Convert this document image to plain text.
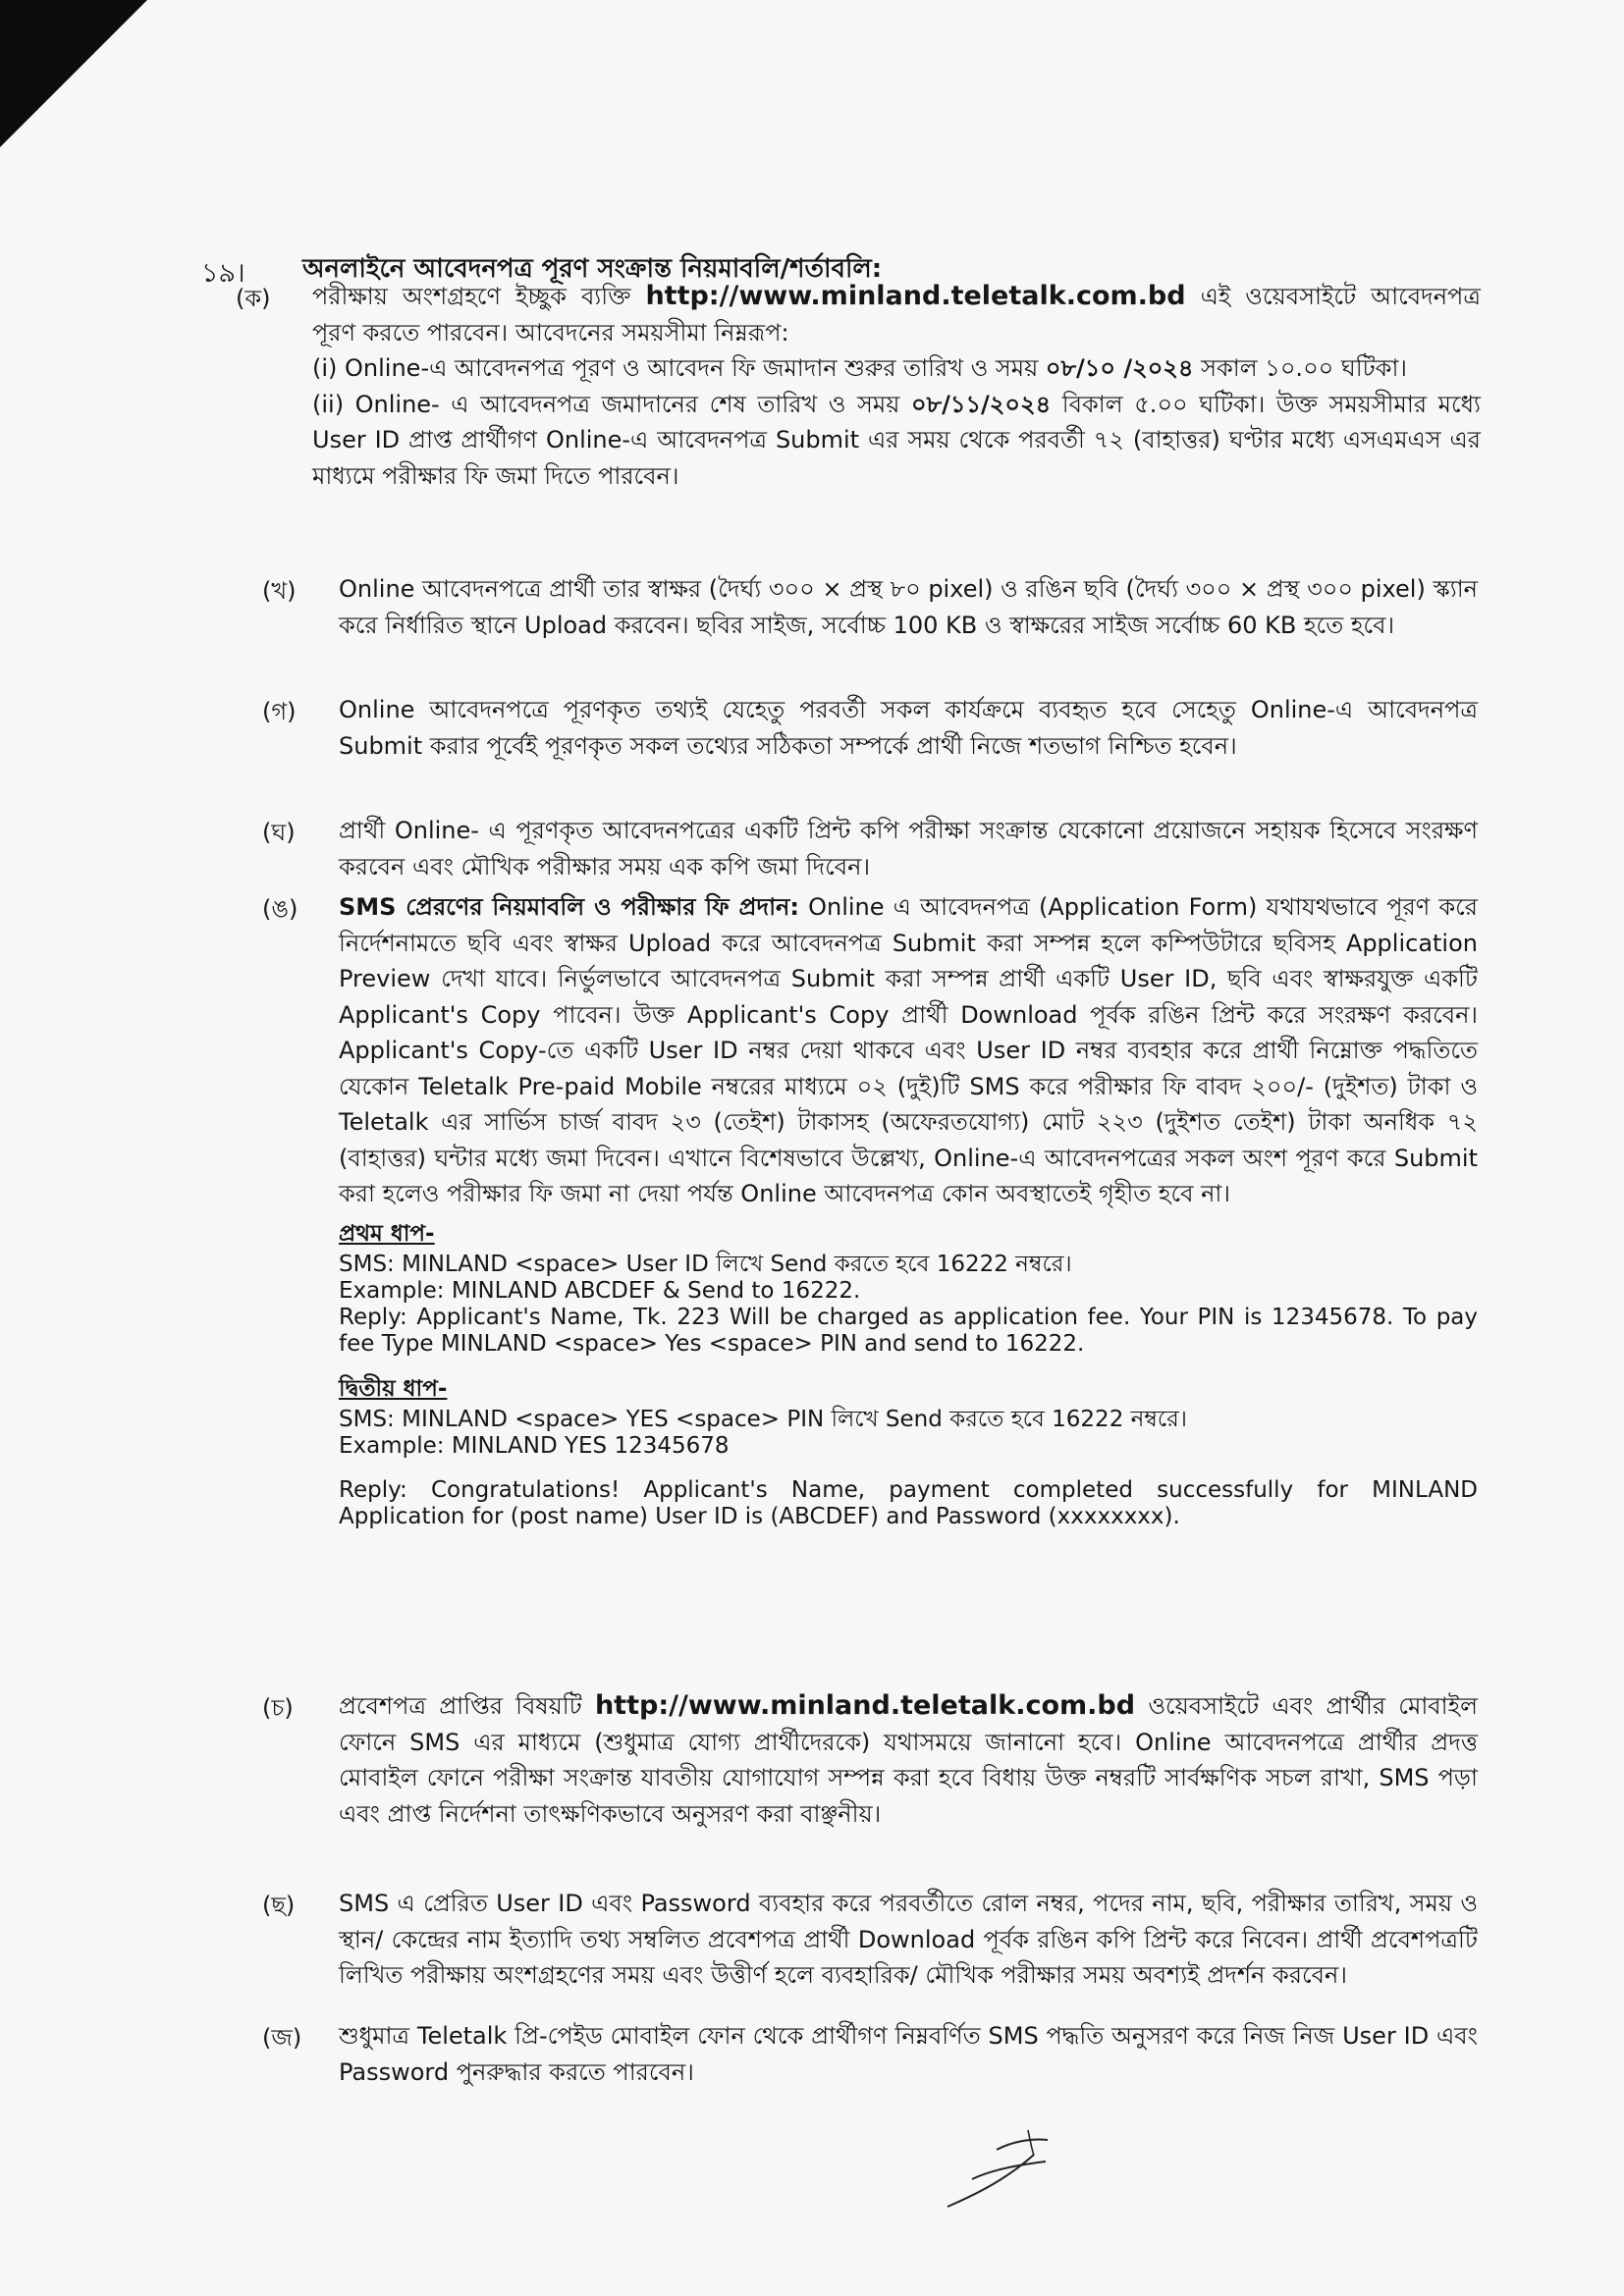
১৯। অনলাইনে আবেদনপত্র পূরণ সংক্রান্ত নিয়মাবলি/শর্তাবলি:
(ক) পরীক্ষায় অংশগ্রহণে ইচ্ছুক ব্যক্তি http://www.minland.teletalk.com.bd এই ওয়েবসাইটে আবেদনপত্র পূরণ করতে পারবেন। আবেদনের সময়সীমা নিম্নরূপ:

(i) Online-এ আবেদনপত্র পূরণ ও আবেদন ফি জমাদান শুরুর তারিখ ও সময় ০৮/১০ /২০২৪ সকাল ১০.০০ ঘটিকা।

(ii) Online- এ আবেদনপত্র জমাদানের শেষ তারিখ ও সময় ০৮/১১/২০২৪ বিকাল ৫.০০ ঘটিকা। উক্ত সময়সীমার মধ্যে User ID প্রাপ্ত প্রার্থীগণ Online-এ আবেদনপত্র Submit এর সময় থেকে পরবর্তী ৭২ (বাহাত্তর) ঘণ্টার মধ্যে এসএমএস এর মাধ্যমে পরীক্ষার ফি জমা দিতে পারবেন।

(খ) Online আবেদনপত্রে প্রার্থী তার স্বাক্ষর (দৈর্ঘ্য ৩০০ × প্রস্থ ৮০ pixel) ও রঙিন ছবি (দৈর্ঘ্য ৩০০ × প্রস্থ ৩০০ pixel) স্ক্যান করে নির্ধারিত স্থানে Upload করবেন। ছবির সাইজ, সর্বোচ্চ 100 KB ও স্বাক্ষরের সাইজ সর্বোচ্চ 60 KB হতে হবে।

(গ) Online আবেদনপত্রে পূরণকৃত তথ্যই যেহেতু পরবর্তী সকল কার্যক্রমে ব্যবহৃত হবে সেহেতু Online-এ আবেদনপত্র Submit করার পূর্বেই পূরণকৃত সকল তথ্যের সঠিকতা সম্পর্কে প্রার্থী নিজে শতভাগ নিশ্চিত হবেন।

(ঘ) প্রার্থী Online- এ পূরণকৃত আবেদনপত্রের একটি প্রিন্ট কপি পরীক্ষা সংক্রান্ত যেকোনো প্রয়োজনে সহায়ক হিসেবে সংরক্ষণ করবেন এবং মৌখিক পরীক্ষার সময় এক কপি জমা দিবেন।

(ঙ) SMS প্রেরণের নিয়মাবলি ও পরীক্ষার ফি প্রদান: Online এ আবেদনপত্র (Application Form) যথাযথভাবে পূরণ করে নির্দেশনামতে ছবি এবং স্বাক্ষর Upload করে আবেদনপত্র Submit করা সম্পন্ন হলে কম্পিউটারে ছবিসহ Application Preview দেখা যাবে। নির্ভুলভাবে আবেদনপত্র Submit করা সম্পন্ন প্রার্থী একটি User ID, ছবি এবং স্বাক্ষরযুক্ত একটি Applicant's Copy পাবেন। উক্ত Applicant's Copy প্রার্থী Download পূর্বক রঙিন প্রিন্ট করে সংরক্ষণ করবেন। Applicant's Copy-তে একটি User ID নম্বর দেয়া থাকবে এবং User ID নম্বর ব্যবহার করে প্রার্থী নিম্নোক্ত পদ্ধতিতে যেকোন Teletalk Pre-paid Mobile নম্বরের মাধ্যমে ০২ (দুই)টি SMS করে পরীক্ষার ফি বাবদ ২০০/- (দুইশত) টাকা ও Teletalk এর সার্ভিস চার্জ বাবদ ২৩ (তেইশ) টাকাসহ (অফেরতযোগ্য) মোট ২২৩ (দুইশত তেইশ) টাকা অনধিক ৭২ (বাহাত্তর) ঘন্টার মধ্যে জমা দিবেন। এখানে বিশেষভাবে উল্লেখ্য, Online-এ আবেদনপত্রের সকল অংশ পূরণ করে Submit করা হলেও পরীক্ষার ফি জমা না দেয়া পর্যন্ত Online আবেদনপত্র কোন অবস্থাতেই গৃহীত হবে না।

প্রথম ধাপ-

SMS: MINLAND <space> User ID লিখে Send করতে হবে 16222 নম্বরে।

Example: MINLAND ABCDEF & Send to 16222.

Reply: Applicant's Name, Tk. 223 Will be charged as application fee. Your PIN is 12345678. To pay fee Type MINLAND <space> Yes <space> PIN and send to 16222.

দ্বিতীয় ধাপ-

SMS: MINLAND <space> YES <space> PIN লিখে Send করতে হবে 16222 নম্বরে।

Example: MINLAND YES 12345678

Reply: Congratulations! Applicant's Name, payment completed successfully for MINLAND Application for (post name) User ID is (ABCDEF) and Password (xxxxxxxx).

(চ) প্রবেশপত্র প্রাপ্তির বিষয়টি http://www.minland.teletalk.com.bd ওয়েবসাইটে এবং প্রার্থীর মোবাইল ফোনে SMS এর মাধ্যমে (শুধুমাত্র যোগ্য প্রার্থীদেরকে) যথাসময়ে জানানো হবে। Online আবেদনপত্রে প্রার্থীর প্রদত্ত মোবাইল ফোনে পরীক্ষা সংক্রান্ত যাবতীয় যোগাযোগ সম্পন্ন করা হবে বিধায় উক্ত নম্বরটি সার্বক্ষণিক সচল রাখা, SMS পড়া এবং প্রাপ্ত নির্দেশনা তাৎক্ষণিকভাবে অনুসরণ করা বাঞ্ছনীয়।

(ছ) SMS এ প্রেরিত User ID এবং Password ব্যবহার করে পরবর্তীতে রোল নম্বর, পদের নাম, ছবি, পরীক্ষার তারিখ, সময় ও স্থান/ কেন্দ্রের নাম ইত্যাদি তথ্য সম্বলিত প্রবেশপত্র প্রার্থী Download পূর্বক রঙিন কপি প্রিন্ট করে নিবেন। প্রার্থী প্রবেশপত্রটি লিখিত পরীক্ষায় অংশগ্রহণের সময় এবং উত্তীর্ণ হলে ব্যবহারিক/ মৌখিক পরীক্ষার সময় অবশ্যই প্রদর্শন করবেন।

(জ) শুধুমাত্র Teletalk প্রি-পেইড মোবাইল ফোন থেকে প্রার্থীগণ নিম্নবর্ণিত SMS পদ্ধতি অনুসরণ করে নিজ নিজ User ID এবং Password পুনরুদ্ধার করতে পারবেন।
